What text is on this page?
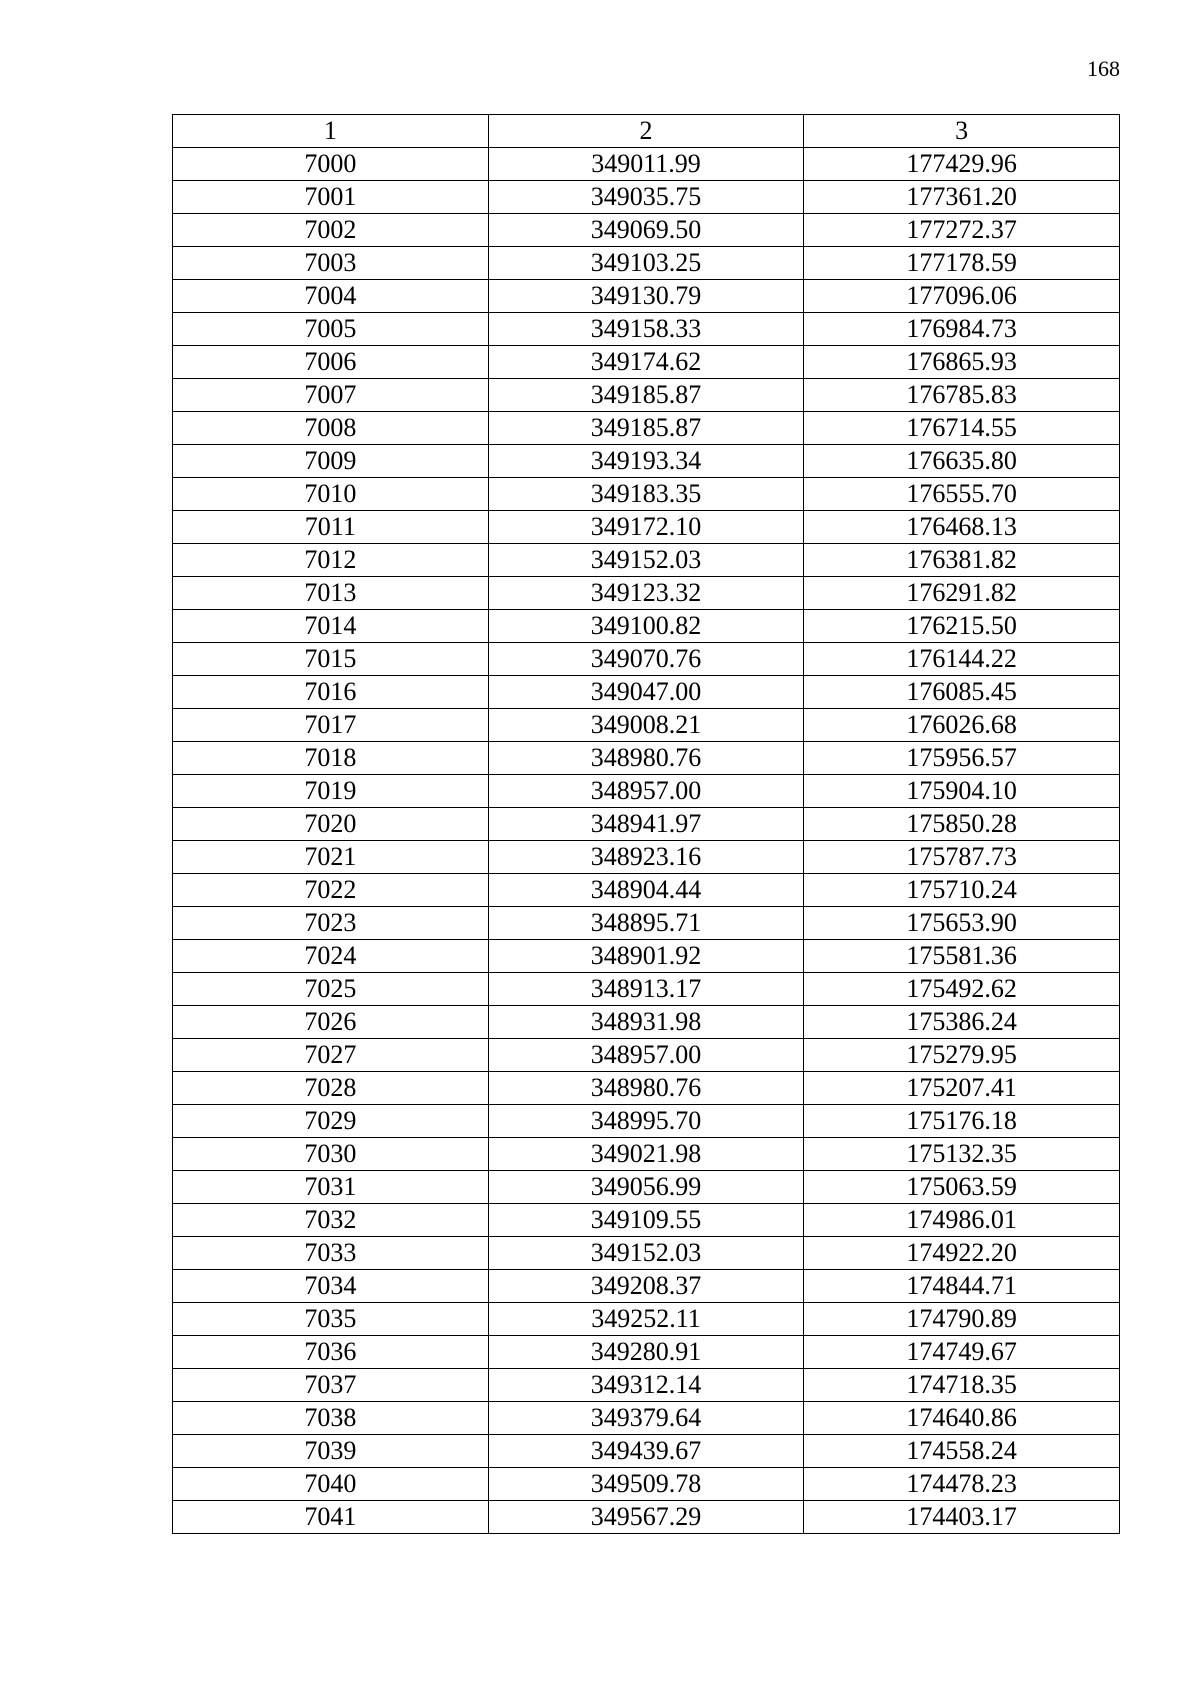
168
1	2	3
7000	349011.99	177429.96
7001	349035.75	177361.20
7002	349069.50	177272.37
7003	349103.25	177178.59
7004	349130.79	177096.06
7005	349158.33	176984.73
7006	349174.62	176865.93
7007	349185.87	176785.83
7008	349185.87	176714.55
7009	349193.34	176635.80
7010	349183.35	176555.70
7011	349172.10	176468.13
7012	349152.03	176381.82
7013	349123.32	176291.82
7014	349100.82	176215.50
7015	349070.76	176144.22
7016	349047.00	176085.45
7017	349008.21	176026.68
7018	348980.76	175956.57
7019	348957.00	175904.10
7020	348941.97	175850.28
7021	348923.16	175787.73
7022	348904.44	175710.24
7023	348895.71	175653.90
7024	348901.92	175581.36
7025	348913.17	175492.62
7026	348931.98	175386.24
7027	348957.00	175279.95
7028	348980.76	175207.41
7029	348995.70	175176.18
7030	349021.98	175132.35
7031	349056.99	175063.59
7032	349109.55	174986.01
7033	349152.03	174922.20
7034	349208.37	174844.71
7035	349252.11	174790.89
7036	349280.91	174749.67
7037	349312.14	174718.35
7038	349379.64	174640.86
7039	349439.67	174558.24
7040	349509.78	174478.23
7041	349567.29	174403.17
